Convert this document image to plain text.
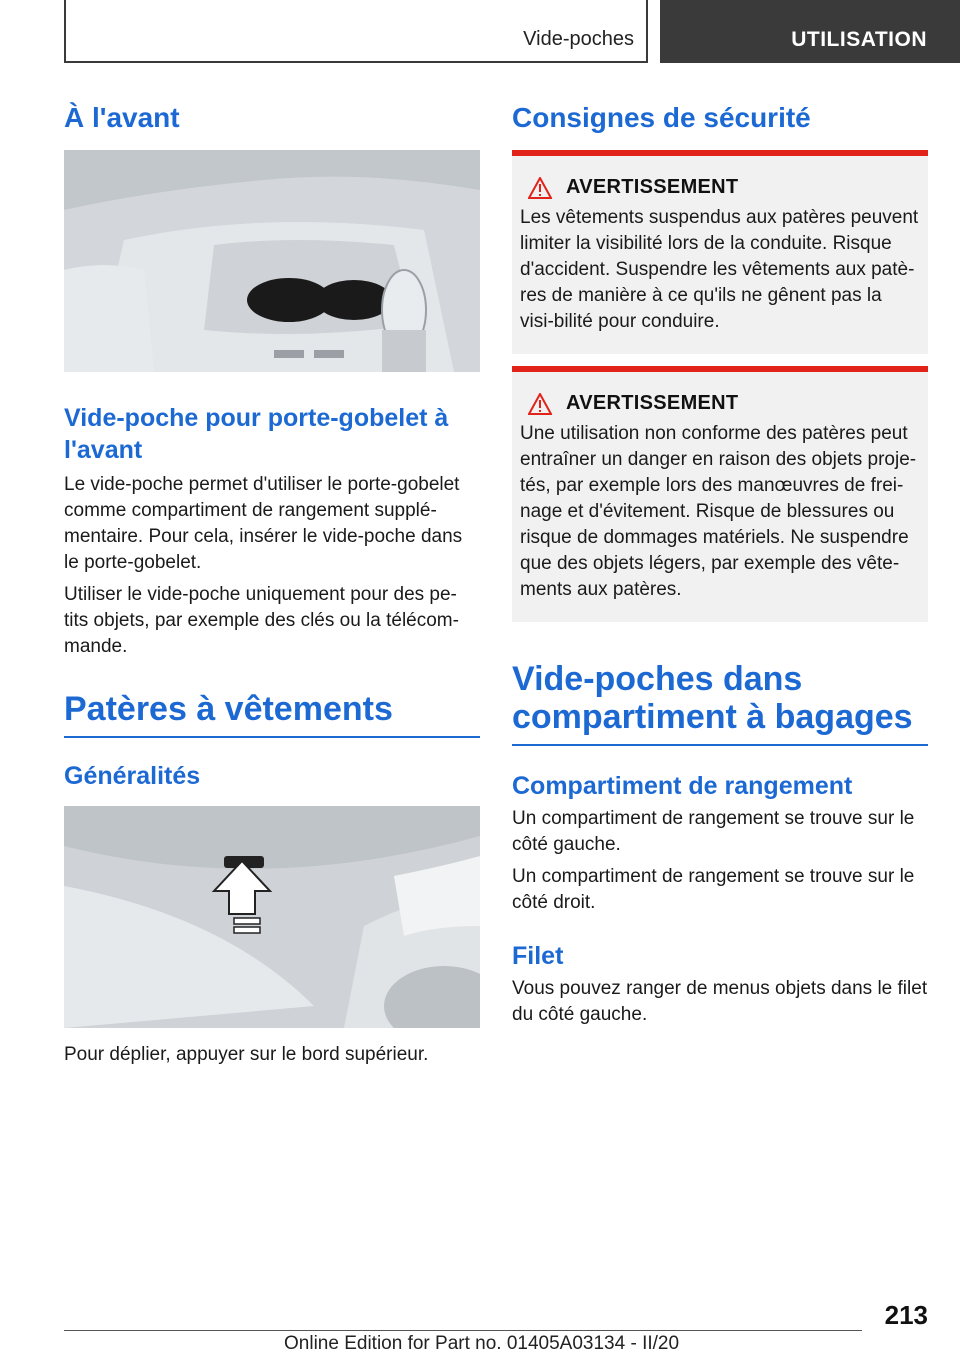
Vide-poches	UTILISATION
À l'avant
Vide-poche pour porte-gobelet à l'avant

Le vide-poche permet d'utiliser le porte-gobelet comme compartiment de rangement supplé-mentaire. Pour cela, insérer le vide-poche dans le porte-gobelet.

Utiliser le vide-poche uniquement pour des pe-tits objets, par exemple des clés ou la télécom-mande.

Patères à vêtements
Généralités

Pour déplier, appuyer sur le bord supérieur.

Consignes de sécurité
AVERTISSEMENT

Les vêtements suspendus aux patères peuvent limiter la visibilité lors de la conduite. Risque d'accident. Suspendre les vêtements aux patè-res de manière à ce qu'ils ne gênent pas la visi-bilité pour conduire.

AVERTISSEMENT

Une utilisation non conforme des patères peut entraîner un danger en raison des objets proje-tés, par exemple lors des manœuvres de frei-nage et d'évitement. Risque de blessures ou risque de dommages matériels. Ne suspendre que des objets légers, par exemple des vête-ments aux patères.

Vide-poches dans compartiment à bagages
Compartiment de rangement

Un compartiment de rangement se trouve sur le côté gauche.

Un compartiment de rangement se trouve sur le côté droit.

Filet

Vous pouvez ranger de menus objets dans le filet du côté gauche.

213
Online Edition for Part no. 01405A03134 - II/20
